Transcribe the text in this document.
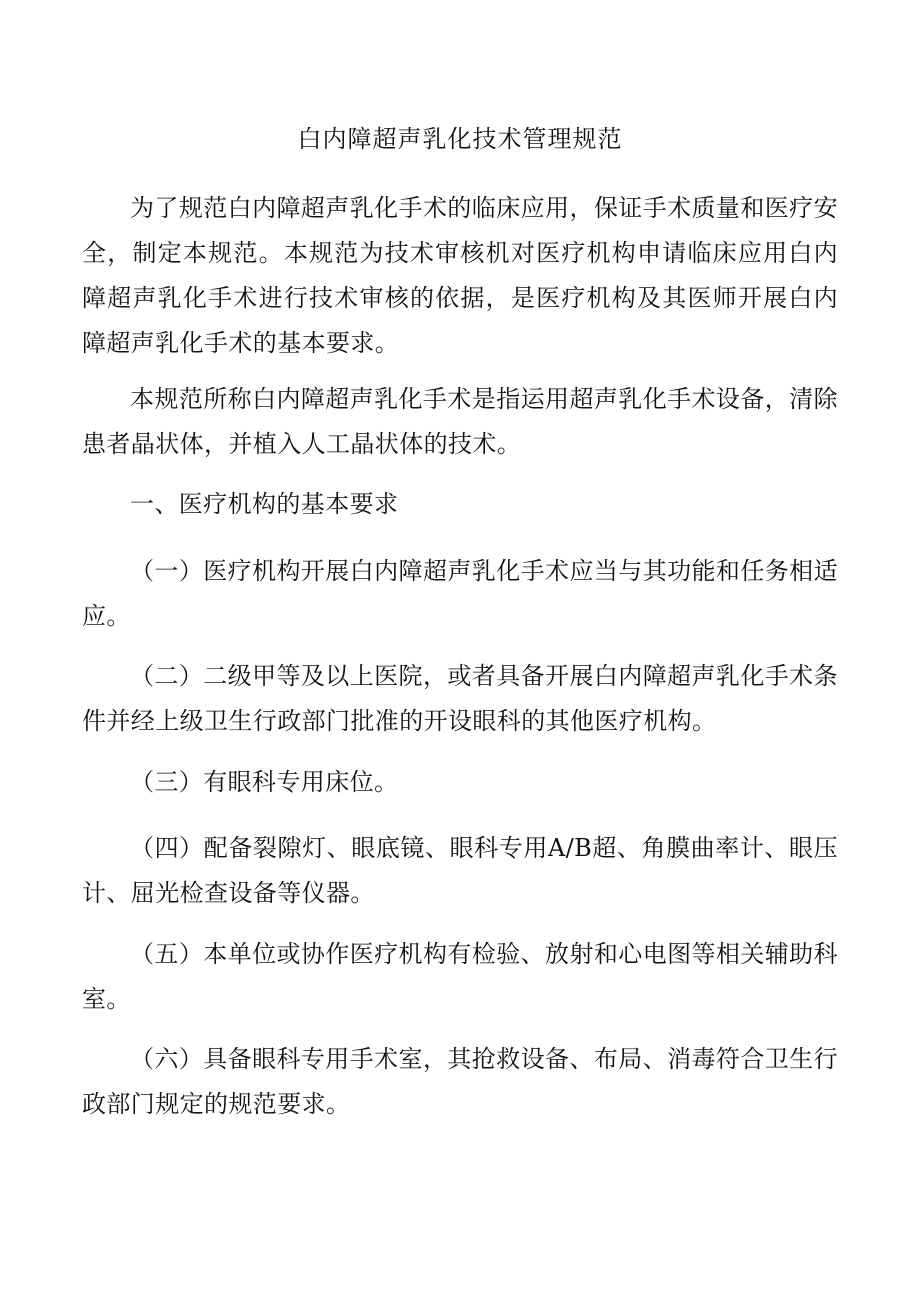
白内障超声乳化技术管理规范

为了规范白内障超声乳化手术的临床应用，保证手术质量和医疗安全，制定本规范。本规范为技术审核机对医疗机构申请临床应用白内障超声乳化手术进行技术审核的依据，是医疗机构及其医师开展白内障超声乳化手术的基本要求。

本规范所称白内障超声乳化手术是指运用超声乳化手术设备，清除患者晶状体，并植入人工晶状体的技术。

一、医疗机构的基本要求

（一）医疗机构开展白内障超声乳化手术应当与其功能和任务相适应。

（二）二级甲等及以上医院，或者具备开展白内障超声乳化手术条件并经上级卫生行政部门批准的开设眼科的其他医疗机构。

（三）有眼科专用床位。

（四）配备裂隙灯、眼底镜、眼科专用A/B超、角膜曲率计、眼压计、屈光检查设备等仪器。

（五）本单位或协作医疗机构有检验、放射和心电图等相关辅助科室。

（六）具备眼科专用手术室，其抢救设备、布局、消毒符合卫生行政部门规定的规范要求。
